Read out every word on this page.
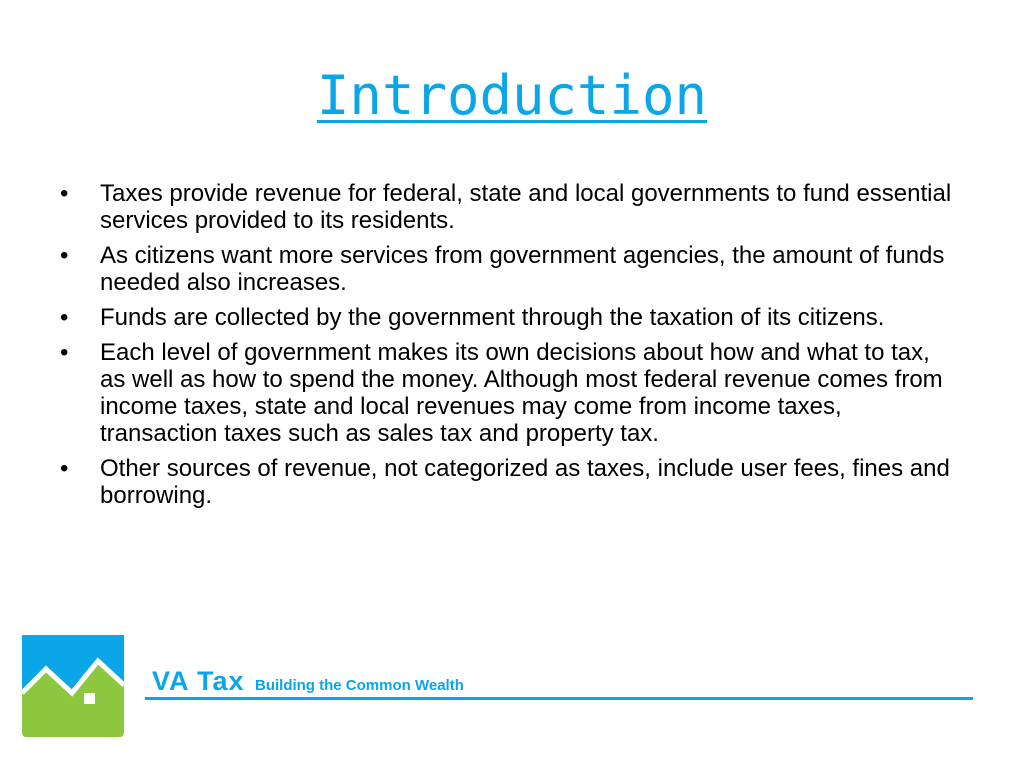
Introduction
•	Taxes provide revenue for federal, state and local governments to fund essential services provided to its residents.
•	As citizens want more services from government agencies, the amount of funds needed also increases.
•	Funds are collected by the government through the taxation of its citizens.
•	Each level of government makes its own decisions about how and what to tax, as well as how to spend the money. Although most federal revenue comes from income taxes, state and local revenues may come from income taxes, transaction taxes such as sales tax and property tax.
•	Other sources of revenue, not categorized as taxes, include user fees, fines and borrowing.
VA Tax Building the Common Wealth
